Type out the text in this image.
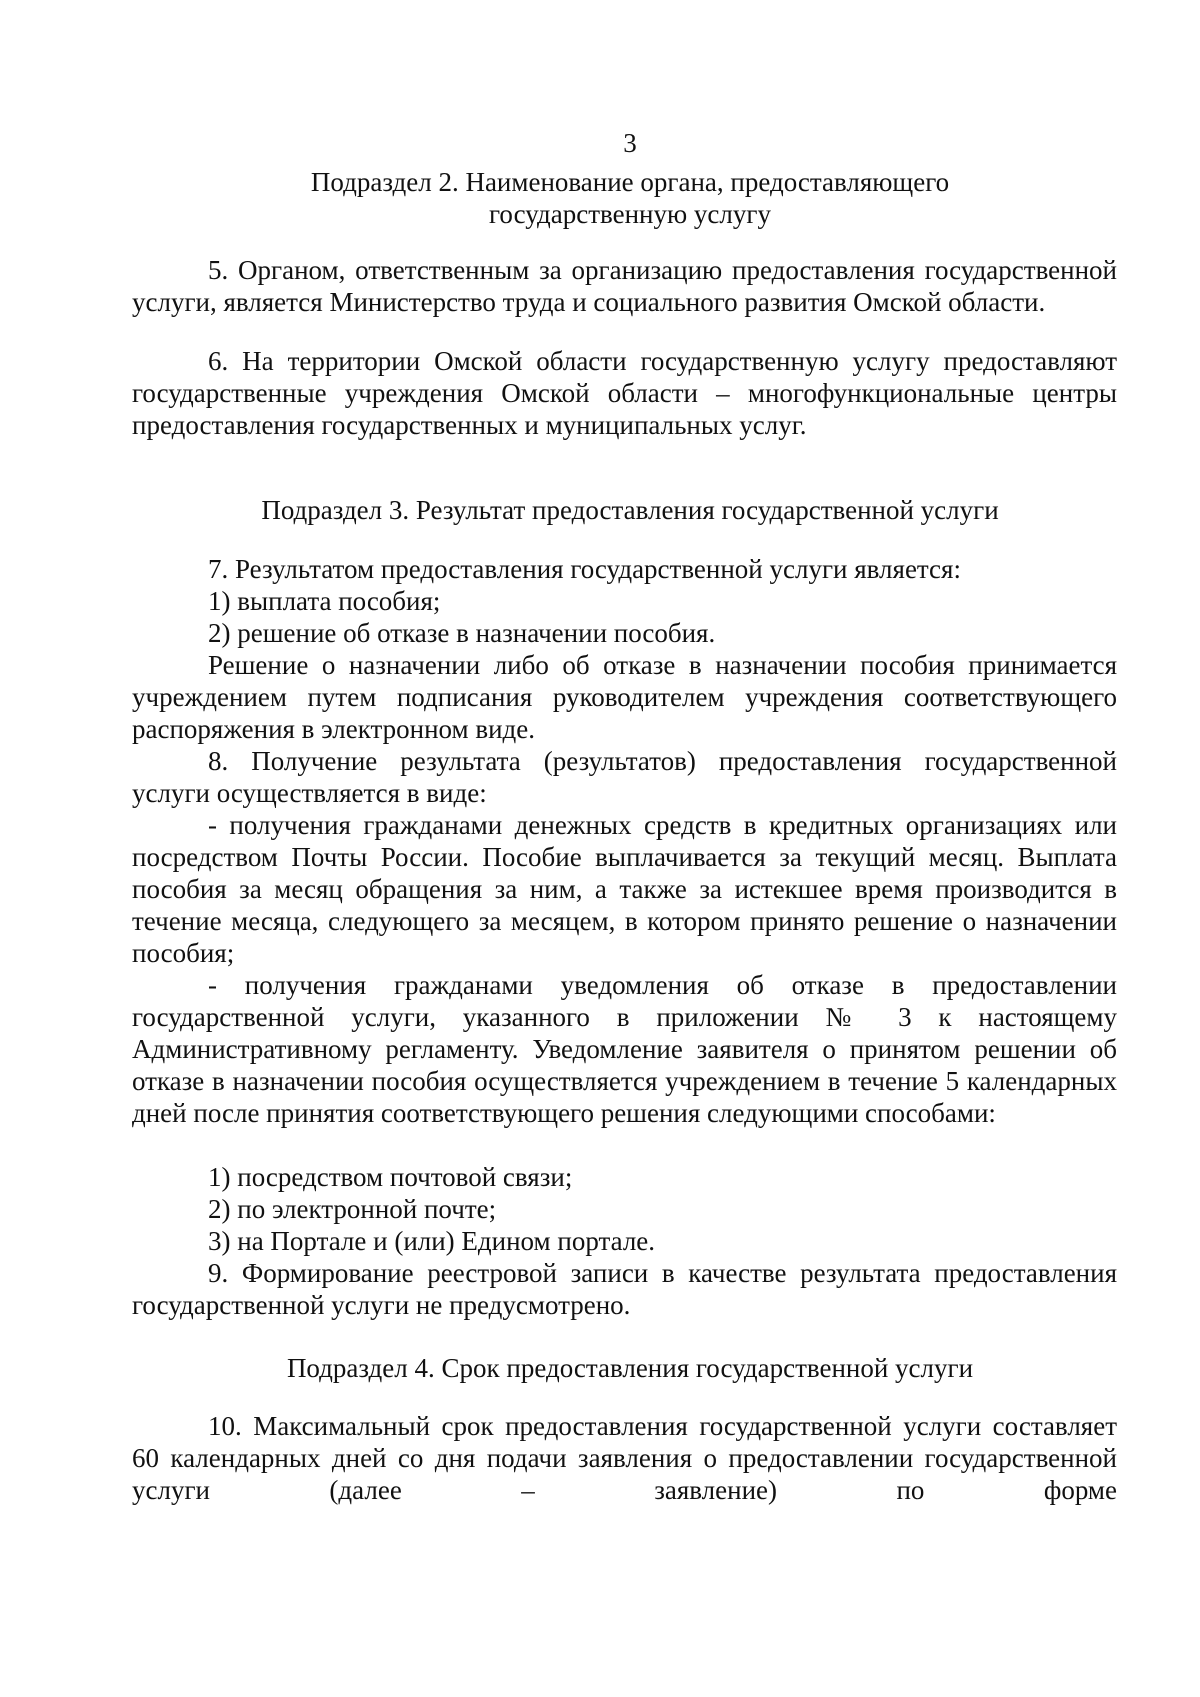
3
Подраздел 2. Наименование органа, предоставляющего
государственную услугу

5. Органом, ответственным за организацию предоставления государственной услуги, является Министерство труда и социального развития Омской области.

6. На территории Омской области государственную услугу предоставляют государственные учреждения Омской области – многофункциональные центры предоставления государственных и муниципальных услуг.

Подраздел 3. Результат предоставления государственной услуги

7. Результатом предоставления государственной услуги является:

1) выплата пособия;

2) решение об отказе в назначении пособия.

Решение о назначении либо об отказе в назначении пособия принимается учреждением путем подписания руководителем учреждения соответствующего распоряжения в электронном виде.

8. Получение результата (результатов) предоставления государственной услуги осуществляется в виде:

- получения гражданами денежных средств в кредитных организациях или посредством Почты России. Пособие выплачивается за текущий месяц. Выплата пособия за месяц обращения за ним, а также за истекшее время производится в течение месяца, следующего за месяцем, в котором принято решение о назначении пособия;

- получения гражданами уведомления об отказе в предоставлении государственной услуги, указанного в приложении № 3 к настоящему Административному регламенту. Уведомление заявителя о принятом решении об отказе в назначении пособия осуществляется учреждением в течение 5 календарных дней после принятия соответствующего решения следующими способами:

1) посредством почтовой связи;

2) по электронной почте;

3) на Портале и (или) Едином портале.

9. Формирование реестровой записи в качестве результата предоставления государственной услуги не предусмотрено.

Подраздел 4. Срок предоставления государственной услуги

10. Максимальный срок предоставления государственной услуги составляет 60 календарных дней со дня подачи заявления о предоставлении государственной услуги (далее – заявление) по форме
